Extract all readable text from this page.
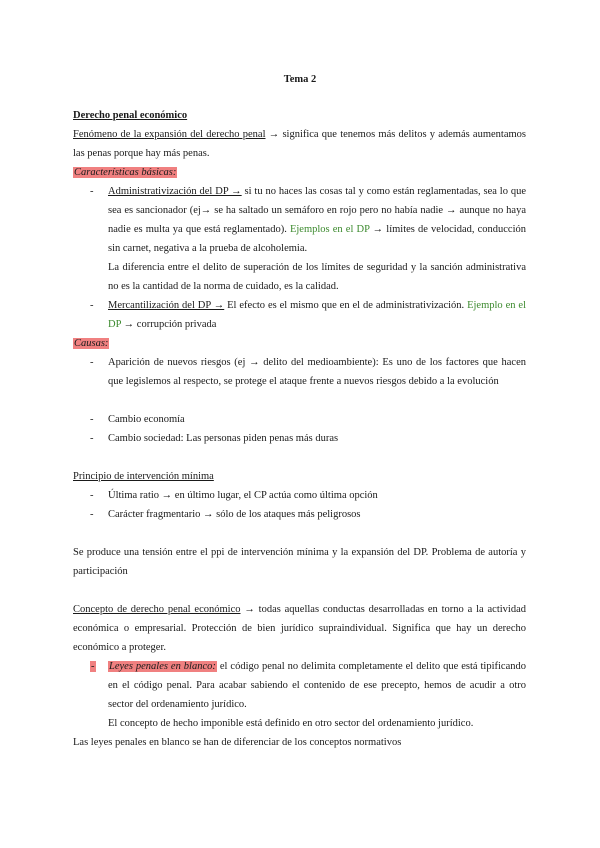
Tema 2
Derecho penal económico
Fenómeno de la expansión del derecho penal → significa que tenemos más delitos y además aumentamos las penas porque hay más penas.
Características básicas:
- Administrativización del DP → si tu no haces las cosas tal y como están reglamentadas, sea lo que sea es sancionador (ej→ se ha saltado un semáforo en rojo pero no había nadie → aunque no haya nadie es multa ya que está reglamentado). Ejemplos en el DP → límites de velocidad, conducción sin carnet, negativa a la prueba de alcoholemia.
La diferencia entre el delito de superación de los límites de seguridad y la sanción administrativa no es la cantidad de la norma de cuidado, es la calidad.
- Mercantilización del DP → El efecto es el mismo que en el de administrativización. Ejemplo en el DP → corrupción privada
Causas:
- Aparición de nuevos riesgos (ej → delito del medioambiente): Es uno de los factores que hacen que legislemos al respecto, se protege el ataque frente a nuevos riesgos debido a la evolución
- Cambio economía
- Cambio sociedad: Las personas piden penas más duras
Principio de intervención mínima
- Última ratio → en último lugar, el CP actúa como última opción
- Carácter fragmentario → sólo de los ataques más peligrosos
Se produce una tensión entre el ppi de intervención mínima y la expansión del DP. Problema de autoría y participación
Concepto de derecho penal económico → todas aquellas conductas desarrolladas en torno a la actividad económica o empresarial. Protección de bien jurídico supraindividual. Significa que hay un derecho económico a proteger.
- Leyes penales en blanco: el código penal no delimita completamente el delito que está tipificando en el código penal. Para acabar sabiendo el contenido de ese precepto, hemos de acudir a otro sector del ordenamiento jurídico.
El concepto de hecho imponible está definido en otro sector del ordenamiento jurídico.
Las leyes penales en blanco se han de diferenciar de los conceptos normativos
